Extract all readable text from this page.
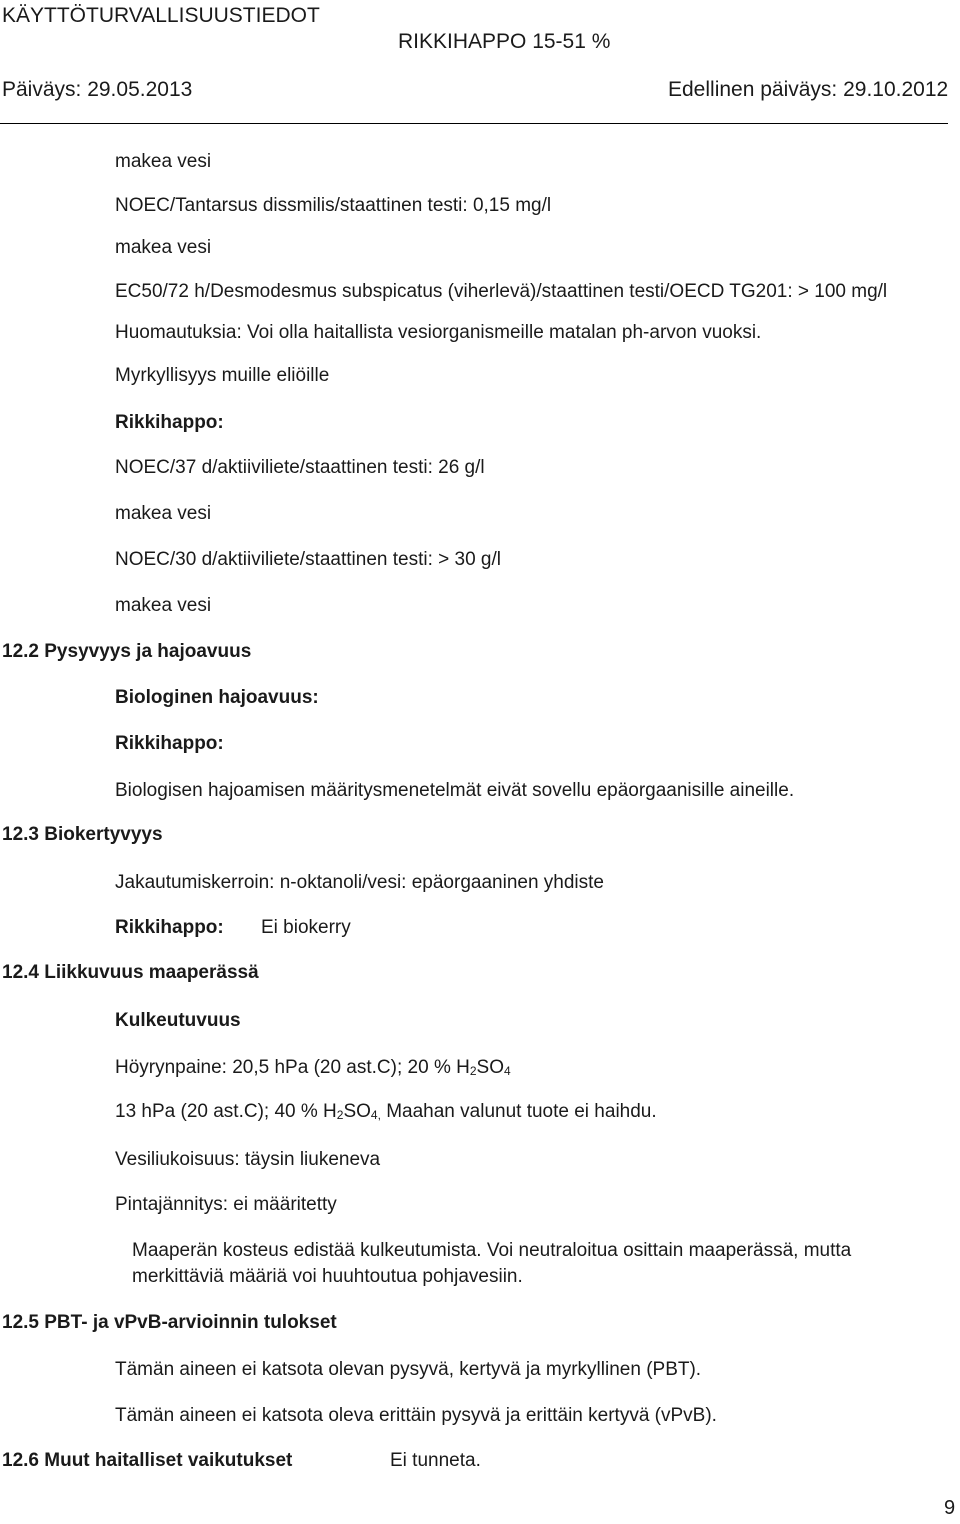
KÄYTTÖTURVALLISUUSTIEDOT
RIKKIHAPPO 15-51 %
Päiväys: 29.05.2013	Edellinen päiväys: 29.10.2012
makea vesi
NOEC/Tantarsus dissmilis/staattinen testi: 0,15 mg/l
makea vesi
EC50/72 h/Desmodesmus subspicatus (viherlevä)/staattinen testi/OECD TG201: > 100 mg/l
Huomautuksia: Voi olla haitallista vesiorganismeille matalan ph-arvon vuoksi.
Myrkyllisyys muille eliöille
Rikkihappo:
NOEC/37 d/aktiiviliete/staattinen testi: 26 g/l
makea vesi
NOEC/30 d/aktiiviliete/staattinen testi: > 30 g/l
makea vesi
12.2 Pysyvyys ja hajoavuus
Biologinen hajoavuus:
Rikkihappo:
Biologisen hajoamisen määritysmenetelmät eivät sovellu epäorgaanisille aineille.
12.3 Biokertyvyys
Jakautumiskerroin: n-oktanoli/vesi: epäorgaaninen yhdiste
Rikkihappo: Ei biokerry
12.4 Liikkuvuus maaperässä
Kulkeutuvuus
Höyrynpaine: 20,5 hPa (20 ast.C); 20 % $H_2SO_4$
13 hPa (20 ast.C); 40 % $H_2SO_{4,}$ Maahan valunut tuote ei haihdu.
Vesiliukoisuus: täysin liukeneva
Pintajännitys: ei määritetty
Maaperän kosteus edistää kulkeutumista. Voi neutraloitua osittain maaperässä, mutta
merkittäviä määriä voi huuhtoutua pohjavesiin.
12.5 PBT- ja vPvB-arvioinnin tulokset
Tämän aineen ei katsota olevan pysyvä, kertyvä ja myrkyllinen (PBT).
Tämän aineen ei katsota oleva erittäin pysyvä ja erittäin kertyvä (vPvB).
12.6 Muut haitalliset vaikutukset	Ei tunneta.
9
